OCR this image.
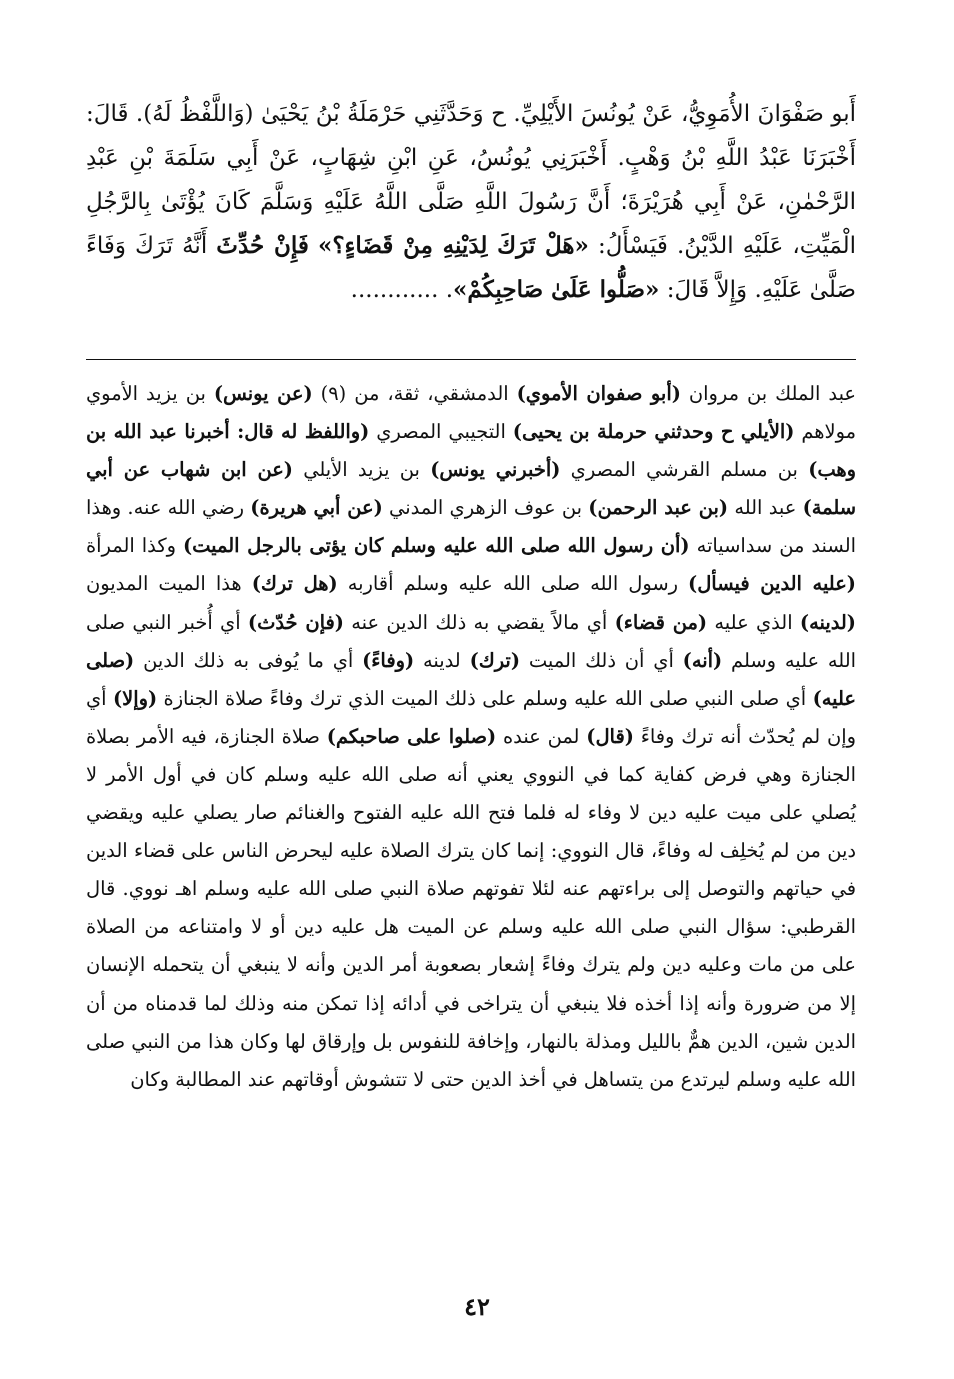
أَبو صَفْوَانَ الأُمَوِيُّ، عَنْ يُونُسَ الأَيْلِيِّ. ح وَحَدَّثَنِي حَرْمَلَةُ بْنُ يَحْيَىٰ (وَاللَّفْظُ لَهُ). قَالَ: أَخْبَرَنَا عَبْدُ اللَّهِ بْنُ وَهْبٍ. أَخْبَرَنِي يُونُسُ، عَنِ ابْنِ شِهَابٍ، عَنْ أَبِي سَلَمَةَ بْنِ عَبْدِ الرَّحْمٰنِ، عَنْ أَبِي هُرَيْرَةَ؛ أَنَّ رَسُولَ اللَّهِ صَلَّى اللَّهُ عَلَيْهِ وَسَلَّمَ كَانَ يُؤْتَىٰ بِالرَّجُلِ الْمَيِّتِ، عَلَيْهِ الدَّيْنُ. فَيَسْأَلُ: «هَلْ تَرَكَ لِدَيْنِهِ مِنْ قَضَاءٍ؟» فَإِنْ حُدِّثَ أَنَّهُ تَرَكَ وَفَاءً صَلَّىٰ عَلَيْهِ. وَإِلاَّ قَالَ: «صَلُّوا عَلَىٰ صَاحِبِكُمْ». ............

عبد الملك بن مروان (أبو صفوان الأموي) الدمشقي، ثقة، من (٩) (عن يونس) بن يزيد الأموي مولاهم (الأيلي ح وحدثني حرملة بن يحيى) التجيبي المصري (واللفظ له قال: أخبرنا عبد الله بن وهب) بن مسلم القرشي المصري (أخبرني يونس) بن يزيد الأيلي (عن ابن شهاب عن أبي سلمة) عبد الله (بن عبد الرحمن) بن عوف الزهري المدني (عن أبي هريرة) رضي الله عنه. وهذا السند من سداسياته (أن رسول الله صلى الله عليه وسلم كان يؤتى بالرجل الميت) وكذا المرأة (عليه الدين فيسأل) رسول الله صلى الله عليه وسلم أقاربه (هل ترك) هذا الميت المديون (لدينه) الذي عليه (من قضاء) أي مالاً يقضي به ذلك الدين عنه (فإن حُدّث) أي أُخبر النبي صلى الله عليه وسلم (أنه) أي أن ذلك الميت (ترك) لدينه (وفاءً) أي ما يُوفى به ذلك الدين (صلى عليه) أي صلى النبي صلى الله عليه وسلم على ذلك الميت الذي ترك وفاءً صلاة الجنازة (وإلا) أي وإن لم يُحدّث أنه ترك وفاءً (قال) لمن عنده (صلوا على صاحبكم) صلاة الجنازة، فيه الأمر بصلاة الجنازة وهي فرض كفاية كما في النووي يعني أنه صلى الله عليه وسلم كان في أول الأمر لا يُصلي على ميت عليه دين لا وفاء له فلما فتح الله عليه الفتوح والغنائم صار يصلي عليه ويقضي دين من لم يُخلِف له وفاءً، قال النووي: إنما كان يترك الصلاة عليه ليحرض الناس على قضاء الدين في حياتهم والتوصل إلى براءتهم عنه لئلا تفوتهم صلاة النبي صلى الله عليه وسلم اهـ نووي. قال القرطبي: سؤال النبي صلى الله عليه وسلم عن الميت هل عليه دين أو لا وامتناعه من الصلاة على من مات وعليه دين ولم يترك وفاءً إشعار بصعوبة أمر الدين وأنه لا ينبغي أن يتحمله الإنسان إلا من ضرورة وأنه إذا أخذه فلا ينبغي أن يتراخى في أدائه إذا تمكن منه وذلك لما قدمناه من أن الدين شين، الدين همٌّ بالليل ومذلة بالنهار، وإخافة للنفوس بل وإرقاق لها وكان هذا من النبي صلى الله عليه وسلم ليرتدع من يتساهل في أخذ الدين حتى لا تتشوش أوقاتهم عند المطالبة وكان

٤٢
